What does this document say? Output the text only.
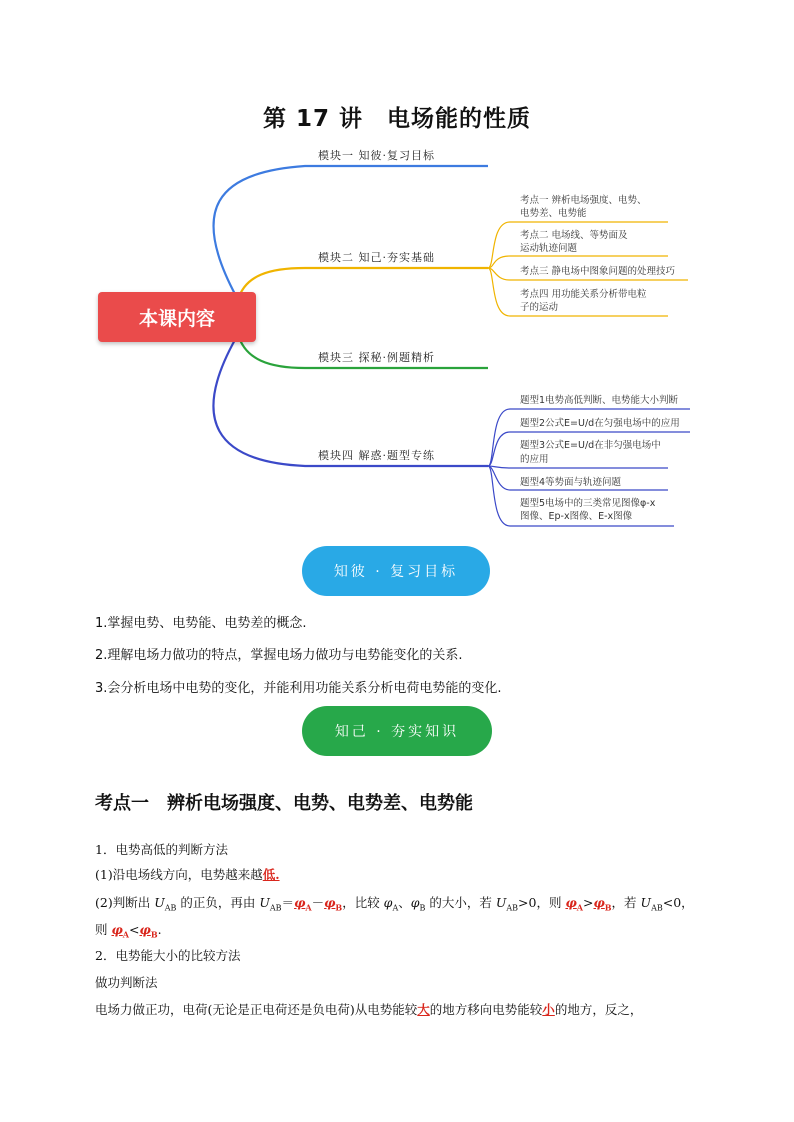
第 17 讲　电场能的性质
模块一 知彼·复习目标
模块二 知己·夯实基础
模块三 探秘·例题精析
模块四 解惑·题型专练
本课内容
考点一 辨析电场强度、电势、
电势差、电势能
考点二 电场线、等势面及
运动轨迹问题
考点三 静电场中图象问题的处理技巧
考点四 用功能关系分析带电粒
子的运动
题型1电势高低判断、电势能大小判断
题型2公式E=U/d在匀强电场中的应用
题型3公式E=U/d在非匀强电场中
的应用
题型4等势面与轨迹问题
题型5电场中的三类常见图像φ-x
图像、Ep-x图像、E-x图像
知彼 · 复习目标
1.掌握电势、电势能、电势差的概念.
2.理解电场力做功的特点，掌握电场力做功与电势能变化的关系.
3.会分析电场中电势的变化，并能利用功能关系分析电荷电势能的变化.
知己 · 夯实知识
考点一　辨析电场强度、电势、电势差、电势能
1．电势高低的判断方法
(1)沿电场线方向，电势越来越低.
(2)判断出 $U_{AB}$ 的正负，再由 $U_{AB}=\varphi_A-\varphi_B$，比较 $\varphi_A$、$\varphi_B$ 的大小，若 $U_{AB}>0$，则 $\varphi_A>\varphi_B$，若 $U_{AB}<0$，
则 $\varphi_A<\varphi_B$.
2．电势能大小的比较方法
做功判断法
电场力做正功，电荷(无论是正电荷还是负电荷)从电势能较大的地方移向电势能较小的地方，反之，
